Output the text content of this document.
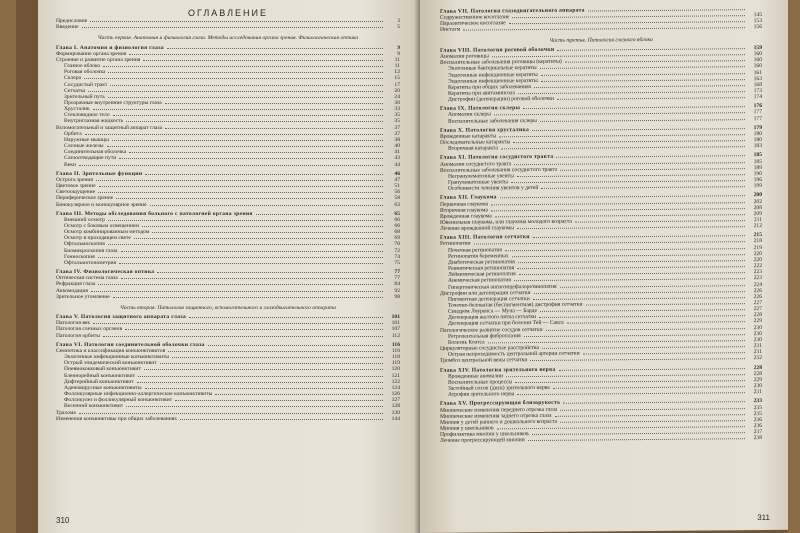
ОГЛАВЛЕНИЕ
Предисловие	3
Введение	5
Часть первая. Анатомия и физиология глаза. Методы исследования органа зрения. Физиологическая оптика
Глава I. Анатомия и физиология глаза	9
Формирование органа зрения	9
Строение и развитие органа зрения	11
Глазное яблоко	11
Роговая оболочка	12
Склера	15
Сосудистый тракт	17
Сетчатка	20
Зрительный путь	24
Прозрачные внутренние структуры глаза	30
Хрусталик	33
Стекловидное тело	35
Внутриглазная жидкость	35
Вспомогательный и защитный аппарат глаза	37
Орбита	37
Наружные мышцы	38
Слезные железы	40
Соединительная оболочка	41
Слезоотводящие пути	43
Веки	44
Глава II. Зрительные функции	46
Острота зрения	47
Цветовое зрение	51
Светоощущение	56
Периферическое зрение	58
Бинокулярное и монокулярное зрение	63
Глава III. Методы обследования больного с патологией органа зрения	65
Внешний осмотр	66
Осмотр с боковым освещением	66
Осмотр комбинированным методом	68
Осмотр в проходящем свете	69
Офтальмоскопия	70
Биомикроскопия глаза	72
Гониоскопия	74
Офтальмотонометрия	75
Глава IV. Физиологическая оптика	77
Оптическая система глаза	77
Рефракция глаза	84
Аккомодация	92
Зрительное утомление	98
Часть вторая. Патология защитного, вспомогательного и глазодвигательного аппарата
Глава V. Патология защитного аппарата глаза	101
Патология век	101
Патология слезных органов	107
Патология орбиты	112
Глава VI. Патология соединительной оболочки глаза	116
Семиотика и классификация конъюнктивитов	116
Экзогенные инфекционные конъюнктивиты	118
Острый эпидемический конъюнктивит	119
Пневмококковый конъюнктивит	120
Бленнорейный конъюнктивит	121
Дифтерийный конъюнктивит	122
Аденовирусные конъюнктивиты	124
Фолликулярные инфекционно-аллергические конъюнктивиты	126
Фолликулез и фолликулярный конъюнктивит	127
Весенний конъюнктивит	128
Трахома	130
Изменения конъюнктивы при общих заболеваниях	144
310
Глава VII. Патология глазодвигательного аппарата
Содружественное косоглазие	145
Паралитическое косоглазие	153
Нистагм	156
Часть третья. Патология глазного яблока
Глава VIII. Патология роговой оболочки	159
Аномалии роговицы	160
Воспалительные заболевания роговицы (кератиты)	160
Экзогенные бактериальные кератиты	160
Эндогенные инфекционные кератиты	161
Эндогенные инфекционные кератиты	163
Кератиты при общих заболеваниях	168
Кератиты при авитаминозах	173
Дистрофии (дегенерации) роговой оболочки	174
Глава IX. Патология склеры	176
Аномалии склеры	177
Воспалительные заболевания склеры	177
Глава X. Патология хрусталика	179
Врожденные катаракты	180
Последовательные катаракты	180
Вторичная катаракта	183
Глава XI. Патология сосудистого тракта	185
Аномалии сосудистого тракта	185
Воспалительные заболевания сосудистого тракта	189
Негранулематозные увеиты	190
Гранулематозные увеиты	196
Особенности течения увеитов у детей	199
Глава XII. Глаукома	200
Первичная глаукома	202
Вторичная глаукома	208
Врожденная глаукома	209
Ювенильная глаукома, или глаукома молодого возраста	211
Лечение врожденной глаукомы	212
Глава XIII. Патология сетчатки	215
Ретинопатии	218
Почечная ретинопатия	219
Ретинопатия беременных	220
Диабетическая ретинопатия	220
Ревматическая ретинопатия	222
Лейкемическая ретинопатия	223
Анемическая ретинопатия	223
Гипертоническая ангиоэнцефалоретинопатия	224
Дистрофии или дегенерации сетчатки	226
Пигментная дегенерация сетчатки	226
Точечно-беловатая (беспигментная) дистрофия сетчатки	227
Синдром Лоуренса — Муна — Барде	227
Дегенерация желтого пятна сетчатки	228
Дегенерация сетчатки при болезни Тей — Сакса	229
Патологическое развитие сосудов сетчатки	230
Ретролентальная фиброплазия	230
Болезнь Коатса	230
Циркуляторные сосудистые расстройства	231
Острая непроходимость центральной артерии сетчатки	231
Тромбоз центральной вены сетчатки	232
Глава XIV. Патология зрительного нерва	228
Врожденные аномалии	228
Воспалительные процессы	229
Застойный сосок (диск) зрительного нерва	230
Атрофия зрительного нерва	231
Глава XV. Прогрессирующая близорукость	233
Миопические изменения переднего отрезка глаза	235
Миопические изменения заднего отрезка глаза	235
Миопия у детей раннего и дошкольного возраста	236
Миопия у школьников	236
Профилактика миопии у школьников	237
Лечение прогрессирующей миопии	238
311
